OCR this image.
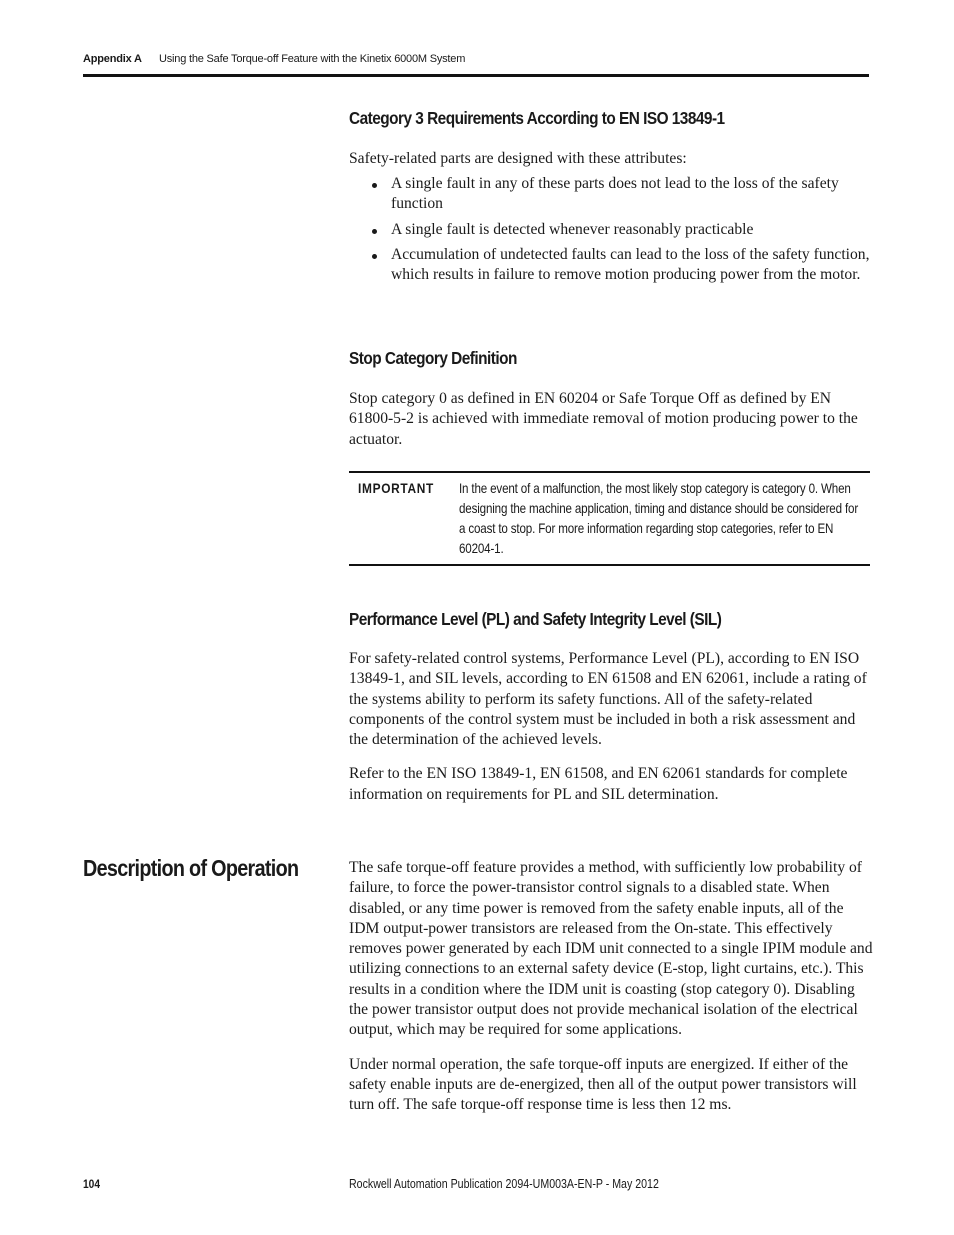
Appendix A Using the Safe Torque-off Feature with the Kinetix 6000M System
Category 3 Requirements According to EN ISO 13849-1

Safety-related parts are designed with these attributes:

A single fault in any of these parts does not lead to the loss of the safety function
A single fault is detected whenever reasonably practicable
Accumulation of undetected faults can lead to the loss of the safety function, which results in failure to remove motion producing power from the motor.
Stop Category Definition

Stop category 0 as defined in EN 60204 or Safe Torque Off as defined by EN 61800-5-2 is achieved with immediate removal of motion producing power to the actuator.

IMPORTANT In the event of a malfunction, the most likely stop category is category 0. When designing the machine application, timing and distance should be considered for a coast to stop. For more information regarding stop categories, refer to EN 60204-1.
Performance Level (PL) and Safety Integrity Level (SIL)

For safety-related control systems, Performance Level (PL), according to EN ISO 13849-1, and SIL levels, according to EN 61508 and EN 62061, include a rating of the systems ability to perform its safety functions. All of the safety-related components of the control system must be included in both a risk assessment and the determination of the achieved levels.

Refer to the EN ISO 13849-1, EN 61508, and EN 62061 standards for complete information on requirements for PL and SIL determination.

Description of Operation	The safe torque-off feature provides a method, with sufficiently low probability of failure, to force the power-transistor control signals to a disabled state. When disabled, or any time power is removed from the safety enable inputs, all of the IDM output-power transistors are released from the On-state. This effectively removes power generated by each IDM unit connected to a single IPIM module and utilizing connections to an external safety device (E-stop, light curtains, etc.). This results in a condition where the IDM unit is coasting (stop category 0). Disabling the power transistor output does not provide mechanical isolation of the electrical output, which may be required for some applications.

Under normal operation, the safe torque-off inputs are energized. If either of the safety enable inputs are de-energized, then all of the output power transistors will turn off. The safe torque-off response time is less then 12 ms.

104	Rockwell Automation Publication 2094-UM003A-EN-P - May 2012
